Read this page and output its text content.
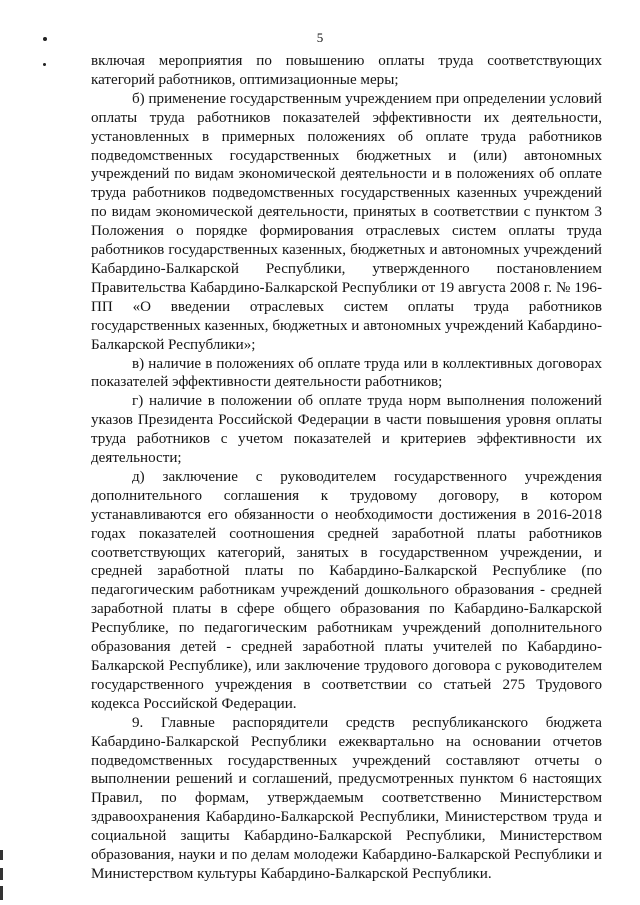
5

включая мероприятия по повышению оплаты труда соответствующих категорий работников, оптимизационные меры;

б) применение государственным учреждением при определении условий оплаты труда работников показателей эффективности их деятельности, установленных в примерных положениях об оплате труда работников подведомственных государственных бюджетных и (или) автономных учреждений по видам экономической деятельности и в положениях об оплате труда работников подведомственных государственных казенных учреждений по видам экономической деятельности, принятых в соответствии с пунктом 3 Положения о порядке формирования отраслевых систем оплаты труда работников государственных казенных, бюджетных и автономных учреждений Кабардино-Балкарской Республики, утвержденного постановлением Правительства Кабардино-Балкарской Республики от 19 августа 2008 г. № 196-ПП «О введении отраслевых систем оплаты труда работников государственных казенных, бюджетных и автономных учреждений Кабардино-Балкарской Республики»;

в) наличие в положениях об оплате труда или в коллективных договорах показателей эффективности деятельности работников;

г) наличие в положении об оплате труда норм выполнения положений указов Президента Российской Федерации в части повышения уровня оплаты труда работников с учетом показателей и критериев эффективности их деятельности;

д) заключение с руководителем государственного учреждения дополнительного соглашения к трудовому договору, в котором устанавливаются его обязанности о необходимости достижения в 2016-2018 годах показателей соотношения средней заработной платы работников соответствующих категорий, занятых в государственном учреждении, и средней заработной платы по Кабардино-Балкарской Республике (по педагогическим работникам учреждений дошкольного образования - средней заработной платы в сфере общего образования по Кабардино-Балкарской Республике, по педагогическим работникам учреждений дополнительного образования детей - средней заработной платы учителей по Кабардино-Балкарской Республике), или заключение трудового договора с руководителем государственного учреждения в соответствии со статьей 275 Трудового кодекса Российской Федерации.

9. Главные распорядители средств республиканского бюджета Кабардино-Балкарской Республики ежеквартально на основании отчетов подведомственных государственных учреждений составляют отчеты о выполнении решений и соглашений, предусмотренных пунктом 6 настоящих Правил, по формам, утверждаемым соответственно Министерством здравоохранения Кабардино-Балкарской Республики, Министерством труда и социальной защиты Кабардино-Балкарской Республики, Министерством образования, науки и по делам молодежи Кабардино-Балкарской Республики и Министерством культуры Кабардино-Балкарской Республики.
